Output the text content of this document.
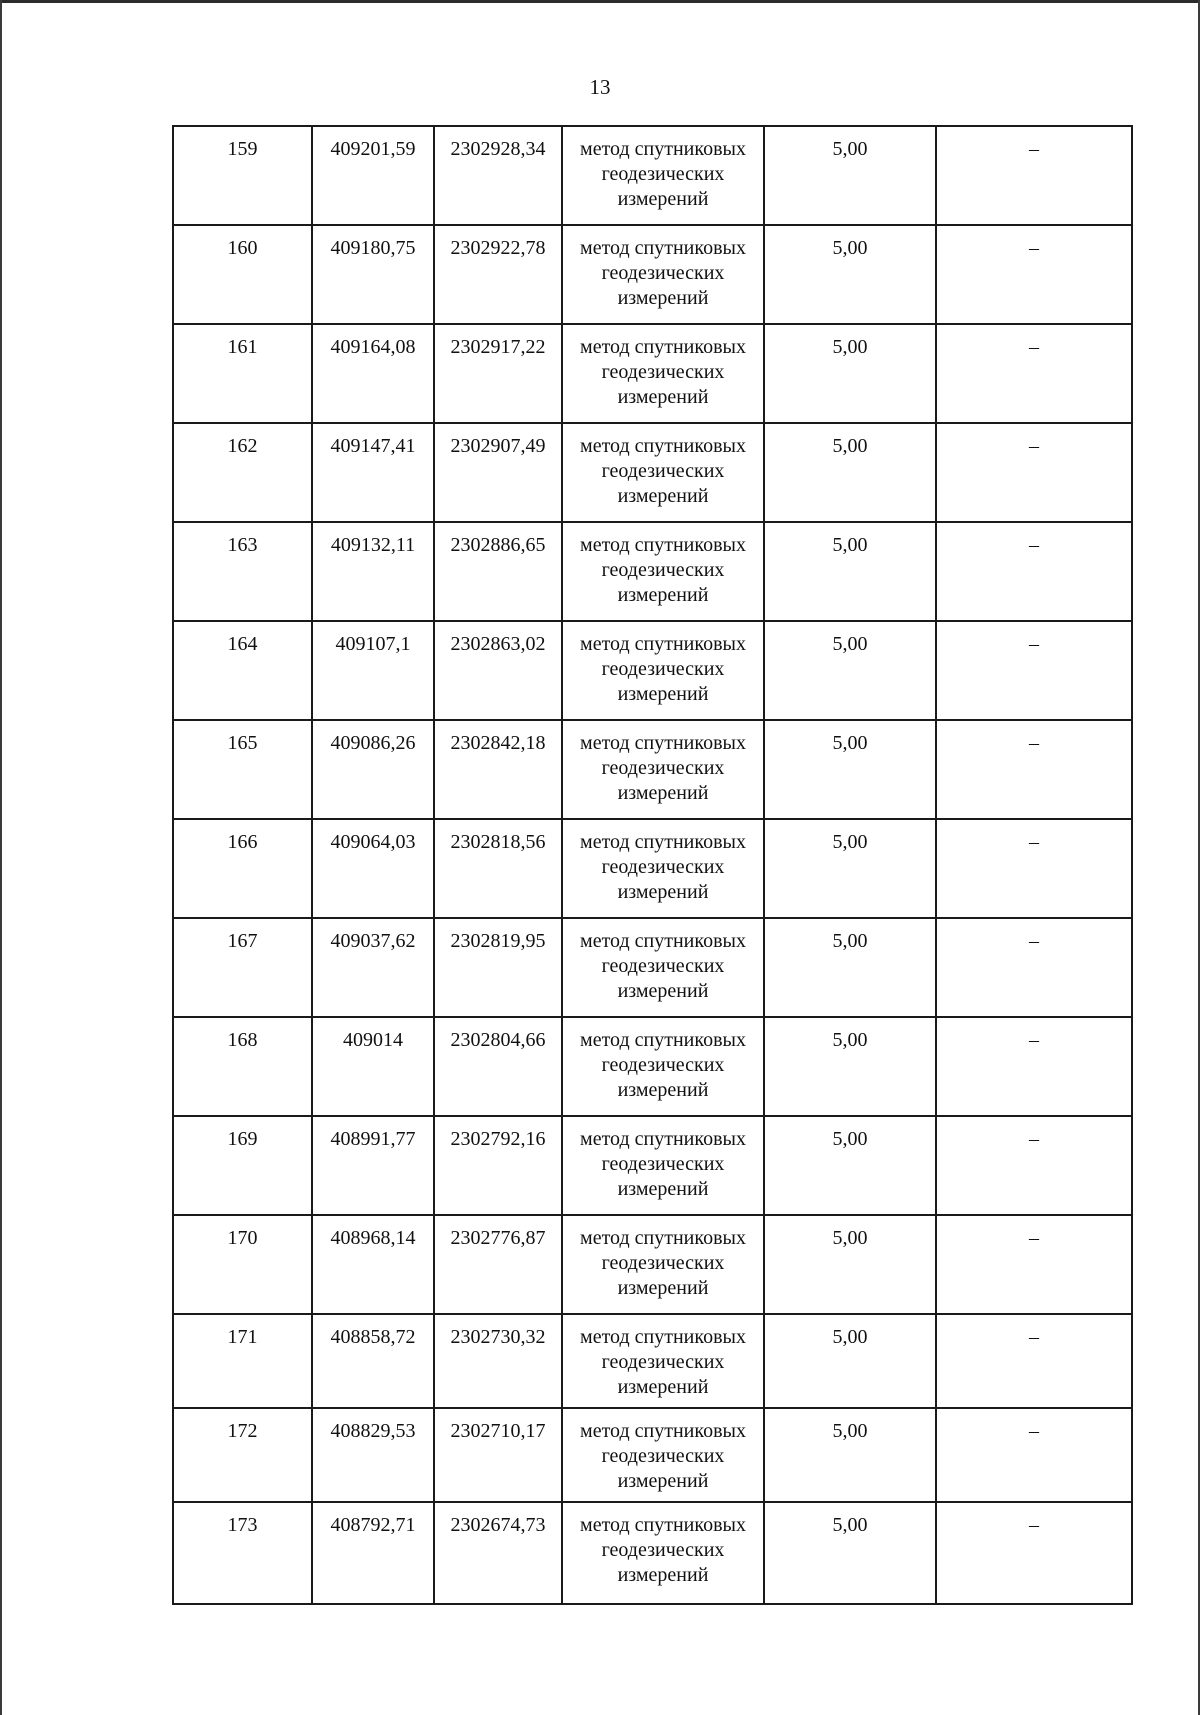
13
159	409201,59	2302928,34	метод спутниковых геодезических измерений	5,00	–
160	409180,75	2302922,78	метод спутниковых геодезических измерений	5,00	–
161	409164,08	2302917,22	метод спутниковых геодезических измерений	5,00	–
162	409147,41	2302907,49	метод спутниковых геодезических измерений	5,00	–
163	409132,11	2302886,65	метод спутниковых геодезических измерений	5,00	–
164	409107,1	2302863,02	метод спутниковых геодезических измерений	5,00	–
165	409086,26	2302842,18	метод спутниковых геодезических измерений	5,00	–
166	409064,03	2302818,56	метод спутниковых геодезических измерений	5,00	–
167	409037,62	2302819,95	метод спутниковых геодезических измерений	5,00	–
168	409014	2302804,66	метод спутниковых геодезических измерений	5,00	–
169	408991,77	2302792,16	метод спутниковых геодезических измерений	5,00	–
170	408968,14	2302776,87	метод спутниковых геодезических измерений	5,00	–
171	408858,72	2302730,32	метод спутниковых геодезических измерений	5,00	–
172	408829,53	2302710,17	метод спутниковых геодезических измерений	5,00	–
173	408792,71	2302674,73	метод спутниковых геодезических измерений	5,00	–
